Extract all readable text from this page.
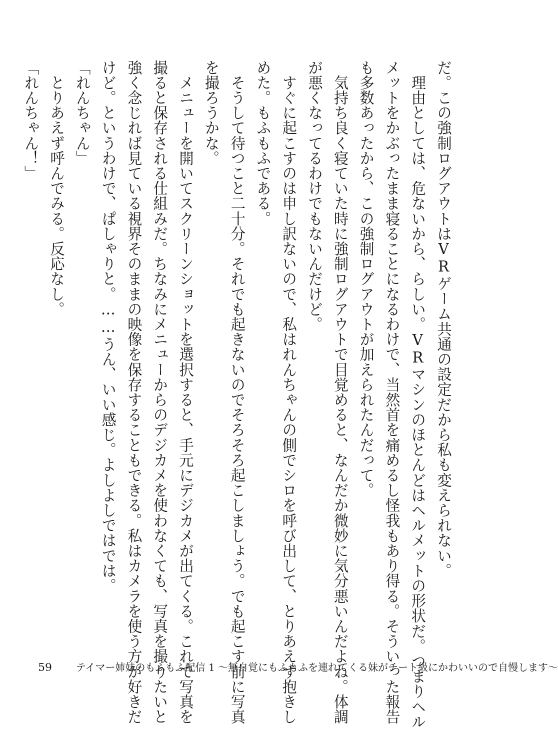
だ。この強制ログアウトはVRゲーム共通の設定だから私も変えられない。
　理由としては、危ないから、らしい。VRマシンのほとんどはヘルメットの形状だ。つまりヘル
メットをかぶったまま寝ることになるわけで、当然首を痛めるし怪我もあり得る。そういった報告
も多数あったから、この強制ログアウトが加えられたんだって。
　気持ち良く寝ていた時に強制ログアウトで目覚めると、なんだか微妙に気分悪いんだよね。体調
が悪くなってるわけでもないんだけど。
　すぐに起こすのは申し訳ないので、私はれんちゃんの側でシロを呼び出して、とりあえず抱きし
めた。もふもふである。
　そうして待つこと二十分。それでも起きないのでそろそろ起こしましょう。でも起こす前に写真
を撮ろうかな。
　メニューを開いてスクリーンショットを選択すると、手元にデジカメが出てくる。これで写真を
撮ると保存される仕組みだ。ちなみにメニューからのデジカメを使わなくても、写真を撮りたいと
強く念じれば見ている視界そのままの映像を保存することもできる。私はカメラを使う方が好きだ
けど。というわけで、ぱしゃりと。……うん、いい感じ。よしよしではでは。
「れんちゃん」
　とりあえず呼んでみる。反応なし。
「れんちゃん！」
59 テイマー姉妹のもふもふ配信 1 ～無自覚にもふもふを連れてくる妹がチート級にかわいいので自慢します～
